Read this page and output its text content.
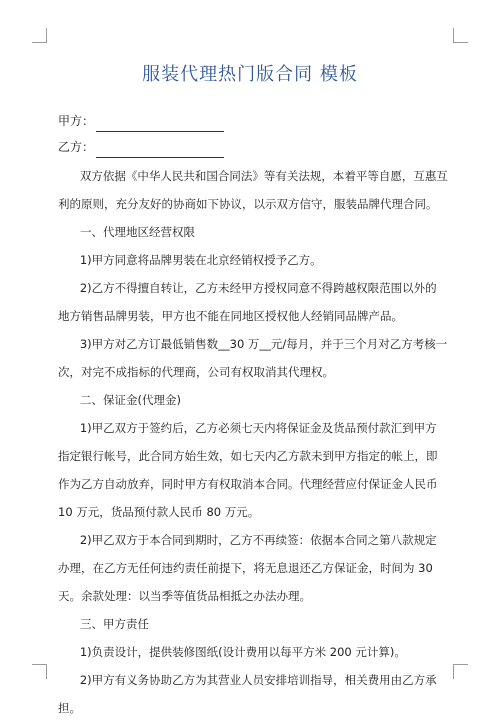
服装代理热门版合同 模板
甲方：
乙方：

双方依据《中华人民共和国合同法》等有关法规，本着平等自愿，互惠互利的原则，充分友好的协商如下协议，以示双方信守，服装品牌代理合同。

一、代理地区经营权限

1)甲方同意将品牌男装在北京经销权授予乙方。

2)乙方不得擅自转让，乙方未经甲方授权同意不得跨越权限范围以外的地方销售品牌男装，甲方也不能在同地区授权他人经销同品牌产品。

3)甲方对乙方订最低销售数__30 万__元/每月，并于三个月对乙方考核一次，对完不成指标的代理商，公司有权取消其代理权。

二、保证金(代理金)

1)甲乙双方于签约后，乙方必须七天内将保证金及货品预付款汇到甲方指定银行帐号，此合同方始生效，如七天内乙方款未到甲方指定的帐上，即作为乙方自动放弃，同时甲方有权取消本合同。代理经营应付保证金人民币 10 万元，货品预付款人民币 80 万元。

2)甲乙双方于本合同到期时，乙方不再续签：依据本合同之第八款规定办理，在乙方无任何违约责任前提下，将无息退还乙方保证金，时间为 30 天。余款处理：以当季等值货品相抵之办法办理。

三、甲方责任

1)负责设计，提供装修图纸(设计费用以每平方米 200 元计算)。

2)甲方有义务协助乙方为其营业人员安排培训指导，相关费用由乙方承担。
